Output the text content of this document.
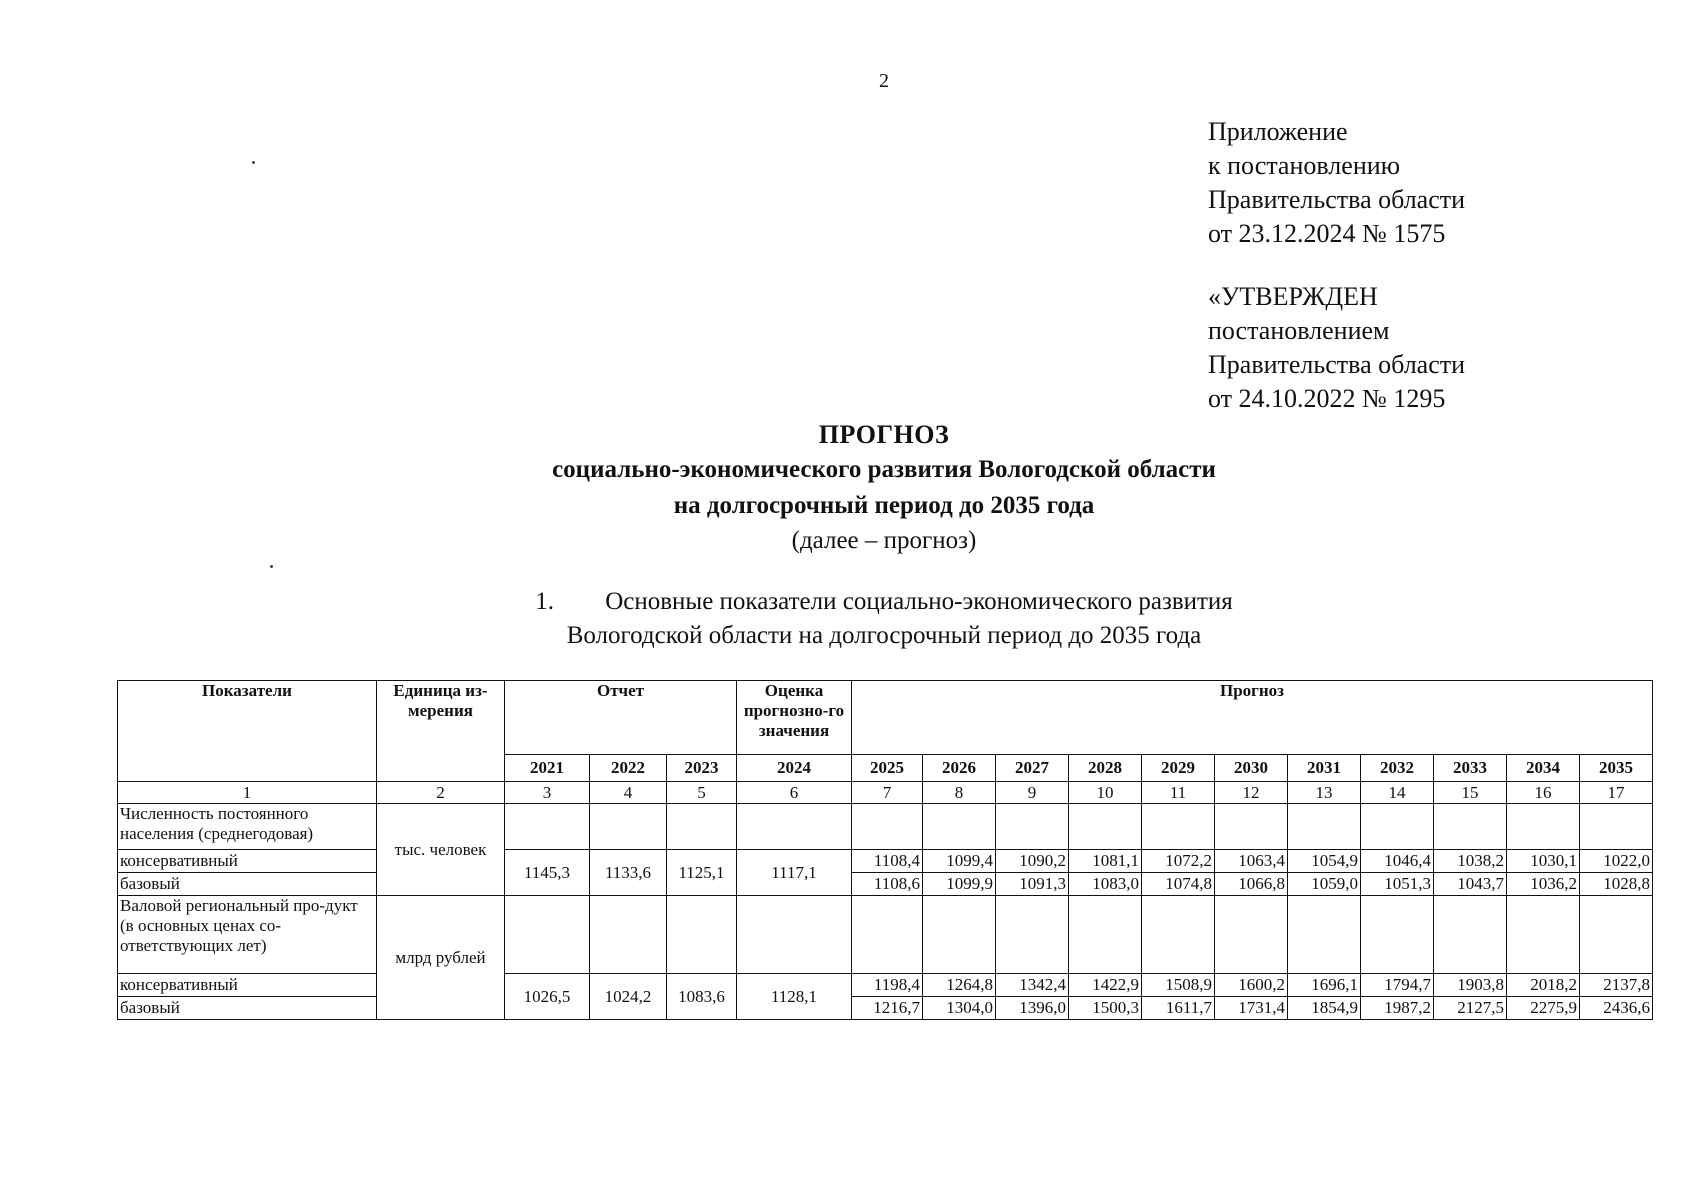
2
Приложение
к постановлению
Правительства области
от 23.12.2024 № 1575
«УТВЕРЖДЕН
постановлением
Правительства области
от 24.10.2022 № 1295
ПРОГНОЗ
социально-экономического развития Вологодской области
на долгосрочный период до 2035 года
(далее – прогноз)
1. Основные показатели социально-экономического развития
Вологодской области на долгосрочный период до 2035 года
Показатели	Единица из-мерения	Отчет			Оценка прогнозно-го значения	Прогноз										
		2021	2022	2023	2024	2025	2026	2027	2028	2029	2030	2031	2032	2033	2034	2035
1	2	3	4	5	6	7	8	9	10	11	12	13	14	15	16	17
Численность постоянного населения (среднегодовая)	тыс. человек															
консервативный		1145,3	1133,6	1125,1	1117,1	1108,4	1099,4	1090,2	1081,1	1072,2	1063,4	1054,9	1046,4	1038,2	1030,1	1022,0
базовый						1108,6	1099,9	1091,3	1083,0	1074,8	1066,8	1059,0	1051,3	1043,7	1036,2	1028,8
Валовой региональный про-дукт (в основных ценах со-ответствующих лет)	млрд рублей															
консервативный		1026,5	1024,2	1083,6	1128,1	1198,4	1264,8	1342,4	1422,9	1508,9	1600,2	1696,1	1794,7	1903,8	2018,2	2137,8
базовый						1216,7	1304,0	1396,0	1500,3	1611,7	1731,4	1854,9	1987,2	2127,5	2275,9	2436,6
